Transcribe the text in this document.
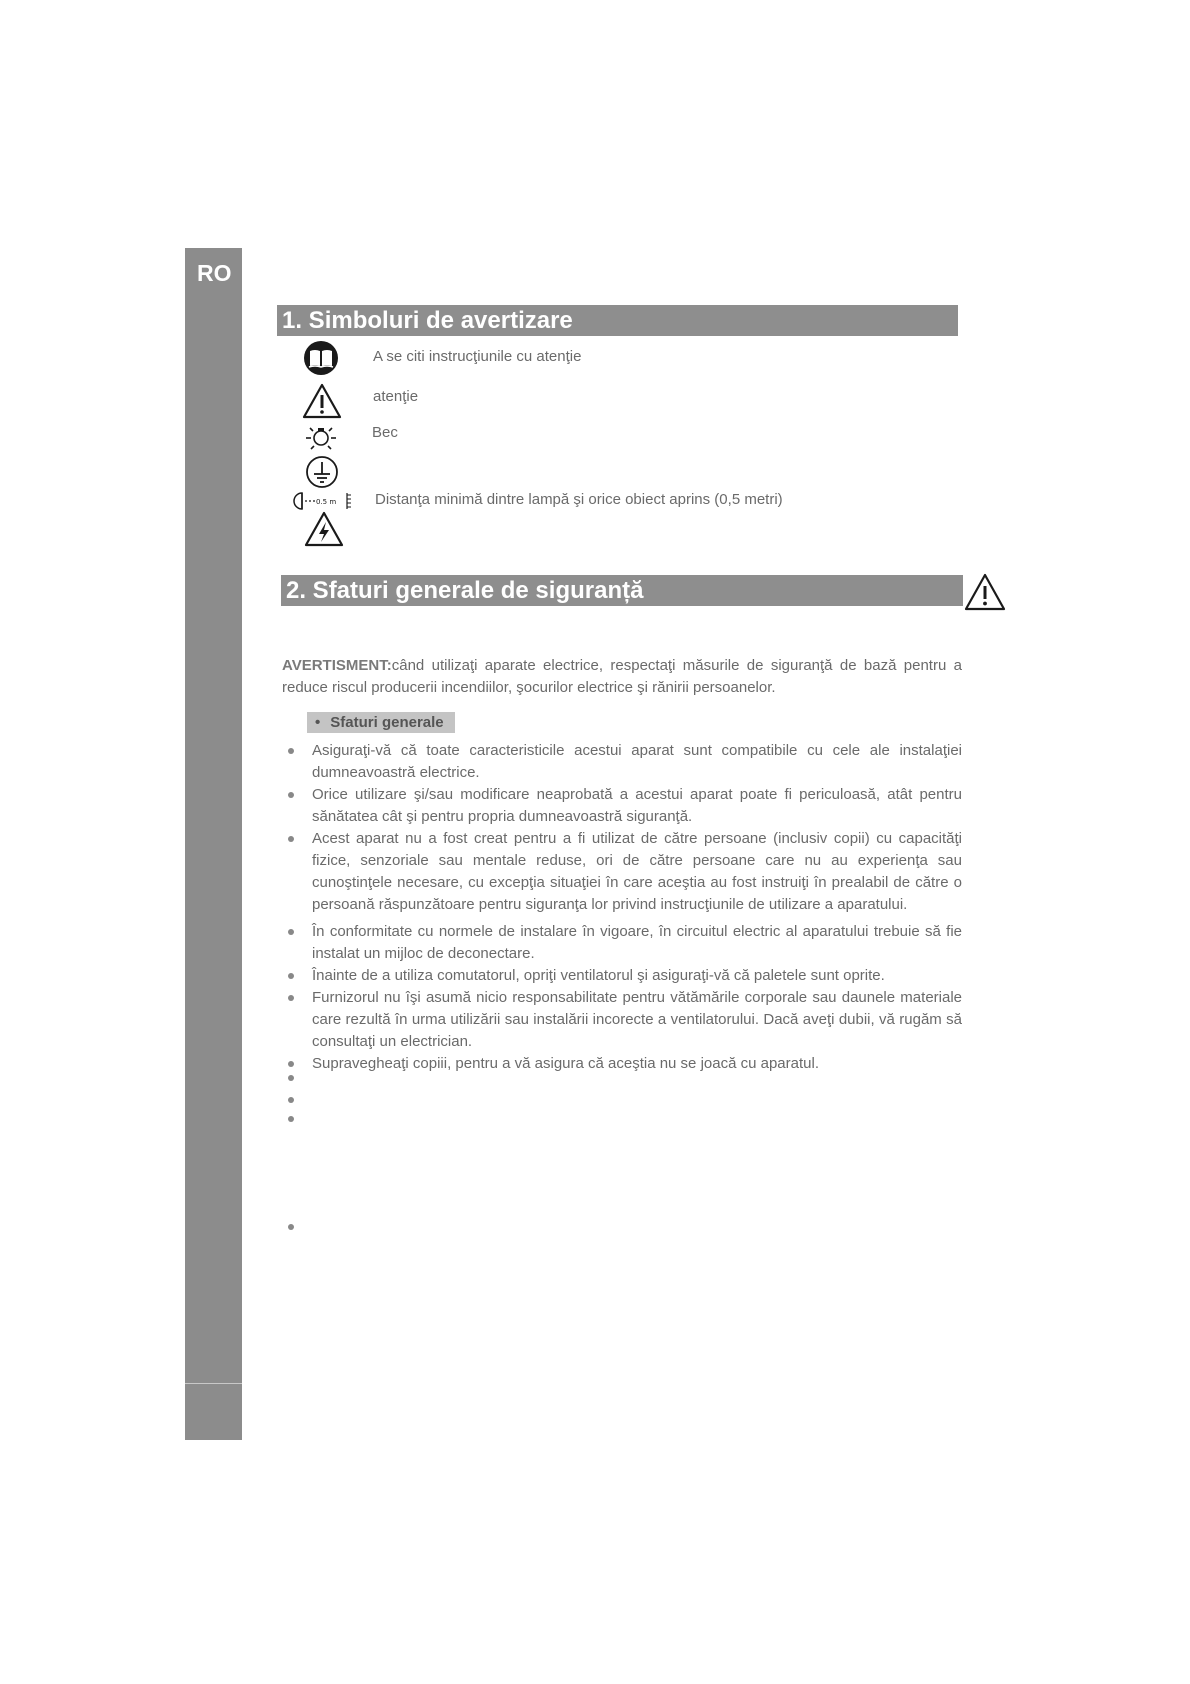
RO
1. Simboluri de avertizare
A se citi instrucţiunile cu atenţie
atenţie
Bec
0.5 m	Distanţa minimă dintre lampă şi orice obiect aprins (0,5 metri)
2. Sfaturi generale de siguranță
AVERTISMENT:când utilizaţi aparate electrice, respectaţi măsurile de siguranţă de bază pentru a reduce riscul producerii incendiilor, şocurilor electrice şi rănirii persoanelor.
• Sfaturi generale
Asiguraţi-vă că toate caracteristicile acestui aparat sunt compatibile cu cele ale instalaţiei dumneavoastră electrice.
Orice utilizare şi/sau modificare neaprobată a acestui aparat poate fi periculoasă, atât pentru sănătatea cât şi pentru propria dumneavoastră siguranţă.
Acest aparat nu a fost creat pentru a fi utilizat de către persoane (inclusiv copii) cu capacităţi fizice, senzoriale sau mentale reduse, ori de către persoane care nu au experienţa sau cunoştinţele necesare, cu excepţia situaţiei în care aceştia au fost instruiţi în prealabil de către o persoană răspunzătoare pentru siguranţa lor privind instrucţiunile de utilizare a aparatului.
În conformitate cu normele de instalare în vigoare, în circuitul electric al aparatului trebuie să fie instalat un mijloc de deconectare.
Înainte de a utiliza comutatorul, opriţi ventilatorul şi asiguraţi-vă că paletele sunt oprite.
Furnizorul nu îşi asumă nicio responsabilitate pentru vătămările corporale sau daunele materiale care rezultă în urma utilizării sau instalării incorecte a ventilatorului. Dacă aveţi dubii, vă rugăm să consultaţi un electrician.
Supravegheaţi copiii, pentru a vă asigura că aceştia nu se joacă cu aparatul.
